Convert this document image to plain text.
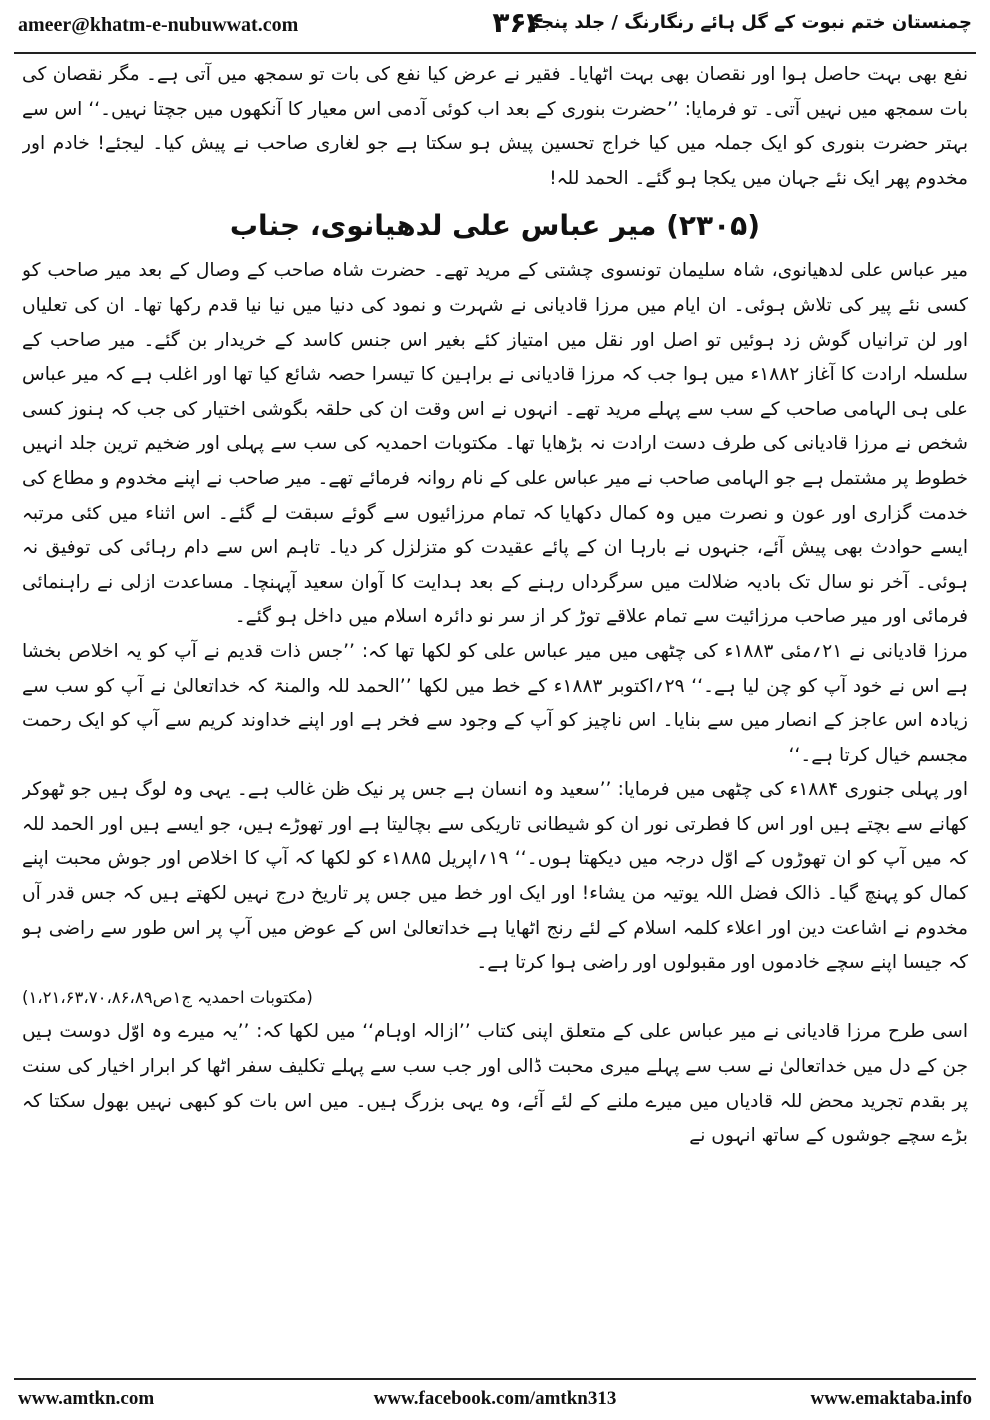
ameer@khatm-e-nubuwwat.com	۳۶۴
چمنستان ختم نبوت کے گل ہائے رنگارنگ / جلد پنجم

نفع بھی بہت حاصل ہوا اور نقصان بھی بہت اٹھایا۔ فقیر نے عرض کیا نفع کی بات تو سمجھ میں آتی ہے۔ مگر نقصان کی بات سمجھ میں نہیں آتی۔ تو فرمایا: ’’حضرت بنوری کے بعد اب کوئی آدمی اس معیار کا آنکھوں میں جچتا نہیں۔‘‘ اس سے بہتر حضرت بنوری کو ایک جملہ میں کیا خراج تحسین پیش ہو سکتا ہے جو لغاری صاحب نے پیش کیا۔ لیجئے! خادم اور مخدوم پھر ایک نئے جہان میں یکجا ہو گئے۔ الحمد للہ!

(۲۳۰۵) میر عباس علی لدھیانوی، جناب

میر عباس علی لدھیانوی، شاہ سلیمان تونسوی چشتی کے مرید تھے۔ حضرت شاہ صاحب کے وصال کے بعد میر صاحب کو کسی نئے پیر کی تلاش ہوئی۔ ان ایام میں مرزا قادیانی نے شہرت و نمود کی دنیا میں نیا نیا قدم رکھا تھا۔ ان کی تعلیاں اور لن ترانیاں گوش زد ہوئیں تو اصل اور نقل میں امتیاز کئے بغیر اس جنس کاسد کے خریدار بن گئے۔ میر صاحب کے سلسلہ ارادت کا آغاز ۱۸۸۲ء میں ہوا جب کہ مرزا قادیانی نے براہین کا تیسرا حصہ شائع کیا تھا اور اغلب ہے کہ میر عباس علی ہی الہامی صاحب کے سب سے پہلے مرید تھے۔ انہوں نے اس وقت ان کی حلقہ بگوشی اختیار کی جب کہ ہنوز کسی شخص نے مرزا قادیانی کی طرف دست ارادت نہ بڑھایا تھا۔ مکتوبات احمدیہ کی سب سے پہلی اور ضخیم ترین جلد انہیں خطوط پر مشتمل ہے جو الہامی صاحب نے میر عباس علی کے نام روانہ فرمائے تھے۔ میر صاحب نے اپنے مخدوم و مطاع کی خدمت گزاری اور عون و نصرت میں وہ کمال دکھایا کہ تمام مرزائیوں سے گوئے سبقت لے گئے۔ اس اثناء میں کئی مرتبہ ایسے حوادث بھی پیش آئے، جنہوں نے بارہا ان کے پائے عقیدت کو متزلزل کر دیا۔ تاہم اس سے دام رہائی کی توفیق نہ ہوئی۔ آخر نو سال تک بادیہ ضلالت میں سرگرداں رہنے کے بعد ہدایت کا آوان سعید آپہنچا۔ مساعدت ازلی نے راہنمائی فرمائی اور میر صاحب مرزائیت سے تمام علاقے توڑ کر از سر نو دائرہ اسلام میں داخل ہو گئے۔

مرزا قادیانی نے ۲۱؍مئی ۱۸۸۳ء کی چٹھی میں میر عباس علی کو لکھا تھا کہ: ’’جس ذات قدیم نے آپ کو یہ اخلاص بخشا ہے اس نے خود آپ کو چن لیا ہے۔‘‘ ۲۹؍اکتوبر ۱۸۸۳ء کے خط میں لکھا ’’الحمد للہ والمنۃ کہ خداتعالیٰ نے آپ کو سب سے زیادہ اس عاجز کے انصار میں سے بنایا۔ اس ناچیز کو آپ کے وجود سے فخر ہے اور اپنے خداوند کریم سے آپ کو ایک رحمت مجسم خیال کرتا ہے۔‘‘

اور پہلی جنوری ۱۸۸۴ء کی چٹھی میں فرمایا: ’’سعید وہ انسان ہے جس پر نیک ظن غالب ہے۔ یہی وہ لوگ ہیں جو ٹھوکر کھانے سے بچتے ہیں اور اس کا فطرتی نور ان کو شیطانی تاریکی سے بچالیتا ہے اور تھوڑے ہیں، جو ایسے ہیں اور الحمد للہ کہ میں آپ کو ان تھوڑوں کے اوّل درجہ میں دیکھتا ہوں۔‘‘ ۱۹؍اپریل ۱۸۸۵ء کو لکھا کہ آپ کا اخلاص اور جوش محبت اپنے کمال کو پہنچ گیا۔ ذالک فضل اللہ یوتیہ من یشاء! اور ایک اور خط میں جس پر تاریخ درج نہیں لکھتے ہیں کہ جس قدر آں مخدوم نے اشاعت دین اور اعلاء کلمہ اسلام کے لئے رنج اٹھایا ہے خداتعالیٰ اس کے عوض میں آپ پر اس طور سے راضی ہو کہ جیسا اپنے سچے خادموں اور مقبولوں اور راضی ہوا کرتا ہے۔

(مکتوبات احمدیہ ج۱ص۱،۲۱،۶۳،۷۰،۸۶،۸۹)

اسی طرح مرزا قادیانی نے میر عباس علی کے متعلق اپنی کتاب ’’ازالہ اوہام‘‘ میں لکھا کہ: ’’یہ میرے وہ اوّل دوست ہیں جن کے دل میں خداتعالیٰ نے سب سے پہلے میری محبت ڈالی اور جب سب سے پہلے تکلیف سفر اٹھا کر ابرار اخیار کی سنت پر بقدم تجرید محض للہ قادیاں میں میرے ملنے کے لئے آئے، وہ یہی بزرگ ہیں۔ میں اس بات کو کبھی نہیں بھول سکتا کہ بڑے سچے جوشوں کے ساتھ انہوں نے

www.amtkn.com	www.facebook.com/amtkn313	www.emaktaba.info
